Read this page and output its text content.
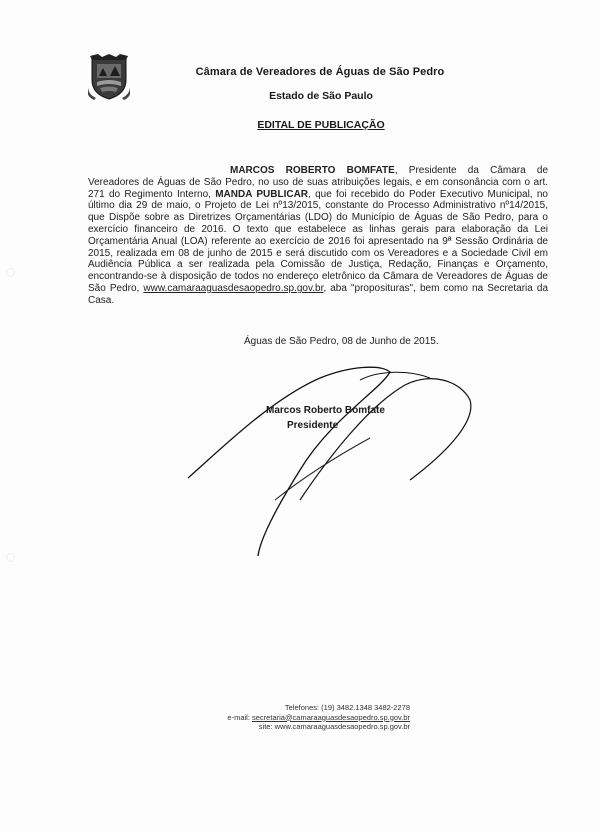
Câmara de Vereadores de Águas de São Pedro
Estado de São Paulo
EDITAL DE PUBLICAÇÃO
MARCOS ROBERTO BOMFATE, Presidente da Câmara de Vereadores de Águas de São Pedro, no uso de suas atribuições legais, e em consonância com o art. 271 do Regimento Interno, MANDA PUBLICAR, que foi recebido do Poder Executivo Municipal, no último dia 29 de maio, o Projeto de Lei nº13/2015, constante do Processo Administrativo nº14/2015, que Dispõe sobre as Diretrizes Orçamentárias (LDO) do Município de Águas de São Pedro, para o exercício financeiro de 2016. O texto que estabelece as linhas gerais para elaboração da Lei Orçamentária Anual (LOA) referente ao exercício de 2016 foi apresentado na 9ª Sessão Ordinária de 2015, realizada em 08 de junho de 2015 e será discutido com os Vereadores e a Sociedade Civil em Audiência Pública a ser realizada pela Comissão de Justiça, Redação, Finanças e Orçamento, encontrando-se à disposição de todos no endereço eletrônico da Câmara de Vereadores de Águas de São Pedro, www.camaraaguasdesaopedro.sp.gov.br, aba "proposituras", bem como na Secretaria da Casa.
Águas de São Pedro, 08 de Junho de 2015.
Marcos Roberto Bomfate
Presidente
Telefones: (19) 3482.1348 3482-2278
e-mail: secretaria@camaraaguasdesaopedro.sp.gov.br
site: www.camaraaguasdesaopedro.sp.gov.br
